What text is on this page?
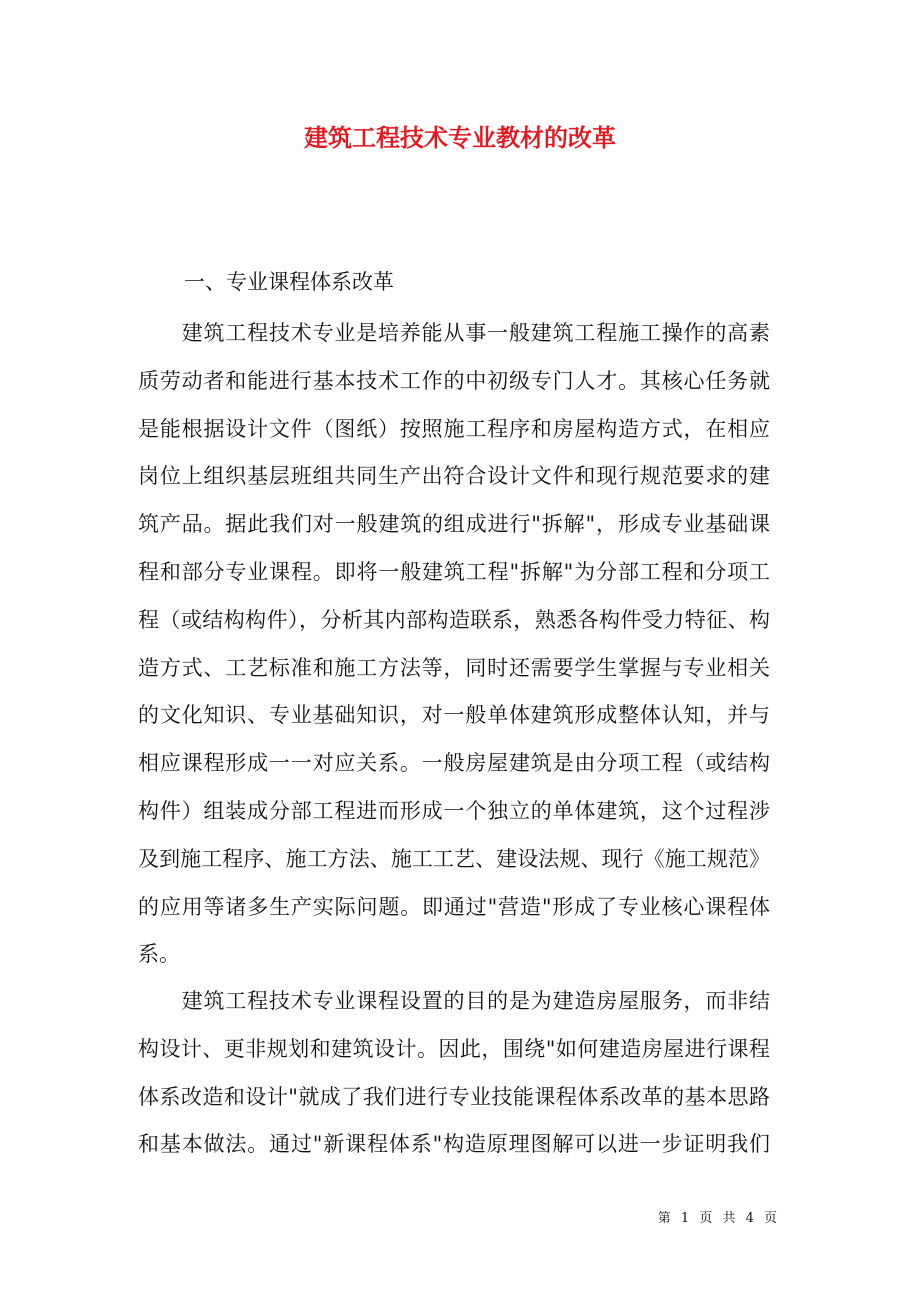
建筑工程技术专业教材的改革
一、专业课程体系改革
　　建筑工程技术专业是培养能从事一般建筑工程施工操作的高素
质劳动者和能进行基本技术工作的中初级专门人才。其核心任务就
是能根据设计文件（图纸）按照施工程序和房屋构造方式，在相应
岗位上组织基层班组共同生产出符合设计文件和现行规范要求的建
筑产品。据此我们对一般建筑的组成进行"拆解"，形成专业基础课
程和部分专业课程。即将一般建筑工程"拆解"为分部工程和分项工
程（或结构构件），分析其内部构造联系，熟悉各构件受力特征、构
造方式、工艺标准和施工方法等，同时还需要学生掌握与专业相关
的文化知识、专业基础知识，对一般单体建筑形成整体认知，并与
相应课程形成一一对应关系。一般房屋建筑是由分项工程（或结构
构件）组装成分部工程进而形成一个独立的单体建筑，这个过程涉
及到施工程序、施工方法、施工工艺、建设法规、现行《施工规范》
的应用等诸多生产实际问题。即通过"营造"形成了专业核心课程体
系。
　　建筑工程技术专业课程设置的目的是为建造房屋服务，而非结
构设计、更非规划和建筑设计。因此，围绕"如何建造房屋进行课程
体系改造和设计"就成了我们进行专业技能课程体系改革的基本思路
和基本做法。通过"新课程体系"构造原理图解可以进一步证明我们
第 1 页 共 4 页
